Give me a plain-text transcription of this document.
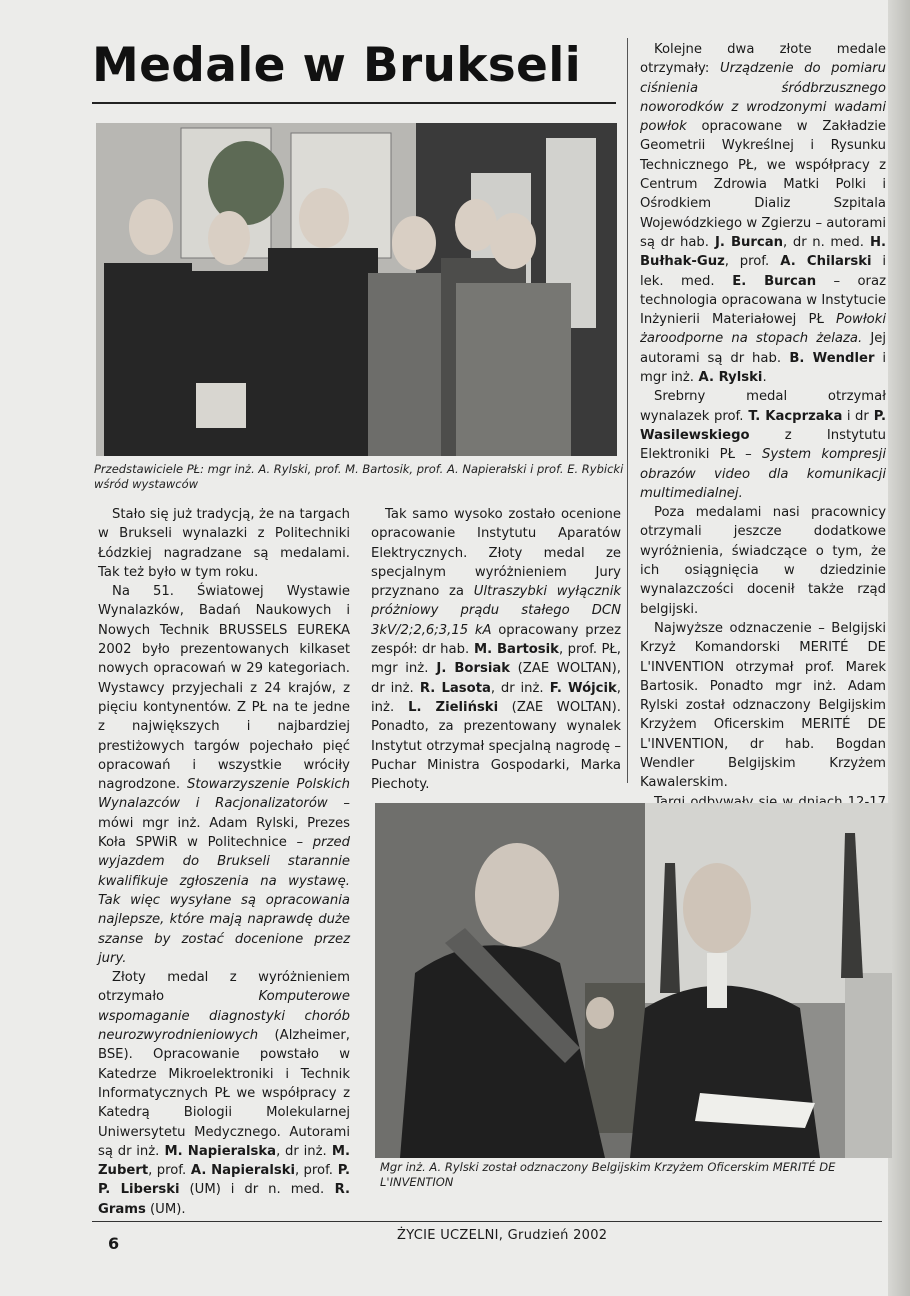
Medale w Brukseli

Przedstawiciele PŁ: mgr inż. A. Rylski, prof. M. Bartosik, prof. A. Napierałski i prof. E. Rybicki wśród wystawców

Stało się już tradycją, że na targach w Brukseli wynalazki z Politechniki Łódzkiej nagradzane są medalami. Tak też było w tym roku.

Na 51. Światowej Wystawie Wynalazków, Badań Naukowych i Nowych Technik BRUSSELS EUREKA 2002 było prezentowanych kilkaset nowych opracowań w 29 kategoriach. Wystawcy przyjechali z 24 krajów, z pięciu kontynentów. Z PŁ na te jedne z największych i najbardziej prestiżowych targów pojechało pięć opracowań i wszystkie wróciły nagrodzone. Stowarzyszenie Polskich Wynalazców i Racjonalizatorów – mówi mgr inż. Adam Rylski, Prezes Koła SPWiR w Politechnice – przed wyjazdem do Brukseli starannie kwalifikuje zgłoszenia na wystawę. Tak więc wysyłane są opracowania najlepsze, które mają naprawdę duże szanse by zostać docenione przez jury.

Złoty medal z wyróżnieniem otrzymało Komputerowe wspomaganie diagnostyki chorób neurozwyrodnieniowych (Alzheimer, BSE). Opracowanie powstało w Katedrze Mikroelektroniki i Technik Informatycznych PŁ we współpracy z Katedrą Biologii Molekularnej Uniwersytetu Medycznego. Autorami są dr inż. M. Napieralska, dr inż. M. Zubert, prof. A. Napieralski, prof. P. P. Liberski (UM) i dr n. med. R. Grams (UM).

Tak samo wysoko zostało ocenione opracowanie Instytutu Aparatów Elektrycznych. Złoty medal ze specjalnym wyróżnieniem Jury przyznano za Ultraszybki wyłącznik próżniowy prądu stałego DCN 3kV/2;2,6;3,15 kA opracowany przez zespół: dr hab. M. Bartosik, prof. PŁ, mgr inż. J. Borsiak (ZAE WOLTAN), dr inż. R. Lasota, dr inż. F. Wójcik, inż. L. Zieliński (ZAE WOLTAN). Ponadto, za prezentowany wynalek Instytut otrzymał specjalną nagrodę – Puchar Ministra Gospodarki, Marka Piechoty.

Kolejne dwa złote medale otrzymały: Urządzenie do pomiaru ciśnienia śródbrzusznego noworodków z wrodzonymi wadami powłok opracowane w Zakładzie Geometrii Wykreślnej i Rysunku Technicznego PŁ, we współpracy z Centrum Zdrowia Matki Polki i Ośrodkiem Dializ Szpitala Wojewódzkiego w Zgierzu – autorami są dr hab. J. Burcan, dr n. med. H. Bułhak-Guz, prof. A. Chilarski i lek. med. E. Burcan – oraz technologia opracowana w Instytucie Inżynierii Materiałowej PŁ Powłoki żaroodporne na stopach żelaza. Jej autorami są dr hab. B. Wendler i mgr inż. A. Rylski.

Srebrny medal otrzymał wynalazek prof. T. Kacprzaka i dr P. Wasilewskiego z Instytutu Elektroniki PŁ – System kompresji obrazów video dla komunikacji multimedialnej.

Poza medalami nasi pracownicy otrzymali jeszcze dodatkowe wyróżnienia, świadczące o tym, że ich osiągnięcia w dziedzinie wynalazczości docenił także rząd belgijski.

Najwyższe odznaczenie – Belgijski Krzyż Komandorski MERITÉ DE L'INVENTION otrzymał prof. Marek Bartosik. Ponadto mgr inż. Adam Rylski został odznaczony Belgijskim Krzyżem Oficerskim MERITÉ DE L'INVENTION, dr hab. Bogdan Wendler Belgijskim Krzyżem Kawalerskim.

Mgr inż. A. Rylski został odznaczony Belgijskim Krzyżem Oficerskim MERITÉ DE L'INVENTION

6	ŻYCIE UCZELNI, Grudzień 2002
